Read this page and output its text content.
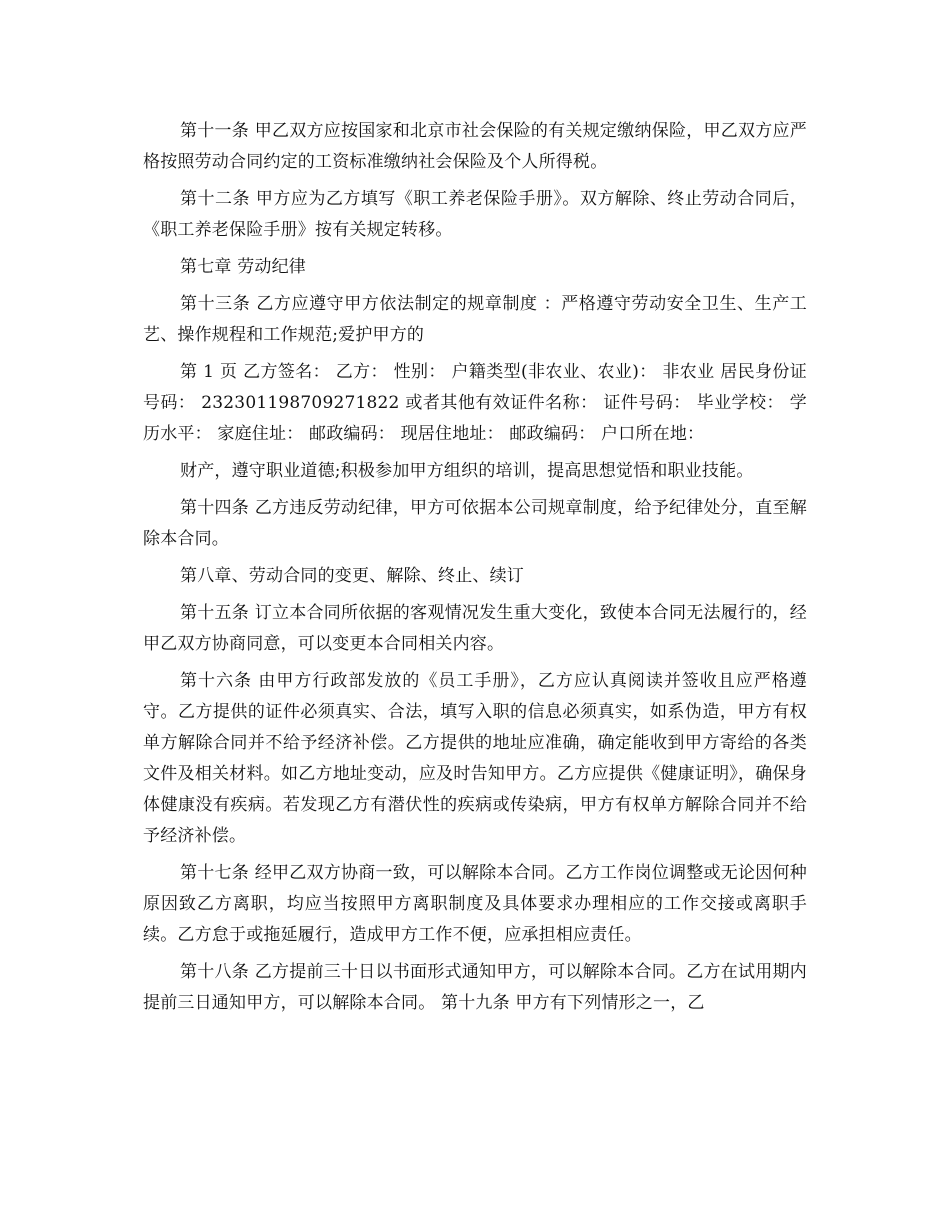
第十一条 甲乙双方应按国家和北京市社会保险的有关规定缴纳保险，甲乙双方应严格按照劳动合同约定的工资标准缴纳社会保险及个人所得税。

第十二条 甲方应为乙方填写《职工养老保险手册》。双方解除、终止劳动合同后，《职工养老保险手册》按有关规定转移。

第七章 劳动纪律

第十三条 乙方应遵守甲方依法制定的规章制度 ：严格遵守劳动安全卫生、生产工艺、操作规程和工作规范;爱护甲方的

第 1 页 乙方签名： 乙方： 性别： 户籍类型(非农业、农业)： 非农业 居民身份证号码： 232301198709271822 或者其他有效证件名称： 证件号码： 毕业学校： 学历水平： 家庭住址： 邮政编码： 现居住地址： 邮政编码： 户口所在地：

财产，遵守职业道德;积极参加甲方组织的培训，提高思想觉悟和职业技能。

第十四条 乙方违反劳动纪律，甲方可依据本公司规章制度，给予纪律处分，直至解除本合同。

第八章、劳动合同的变更、解除、终止、续订

第十五条 订立本合同所依据的客观情况发生重大变化，致使本合同无法履行的，经甲乙双方协商同意，可以变更本合同相关内容。

第十六条 由甲方行政部发放的《员工手册》，乙方应认真阅读并签收且应严格遵守。乙方提供的证件必须真实、合法，填写入职的信息必须真实，如系伪造，甲方有权单方解除合同并不给予经济补偿。乙方提供的地址应准确，确定能收到甲方寄给的各类文件及相关材料。如乙方地址变动，应及时告知甲方。乙方应提供《健康证明》，确保身体健康没有疾病。若发现乙方有潜伏性的疾病或传染病，甲方有权单方解除合同并不给予经济补偿。

第十七条 经甲乙双方协商一致，可以解除本合同。乙方工作岗位调整或无论因何种原因致乙方离职，均应当按照甲方离职制度及具体要求办理相应的工作交接或离职手续。乙方怠于或拖延履行，造成甲方工作不便，应承担相应责任。

第十八条 乙方提前三十日以书面形式通知甲方，可以解除本合同。乙方在试用期内提前三日通知甲方，可以解除本合同。 第十九条 甲方有下列情形之一，乙
